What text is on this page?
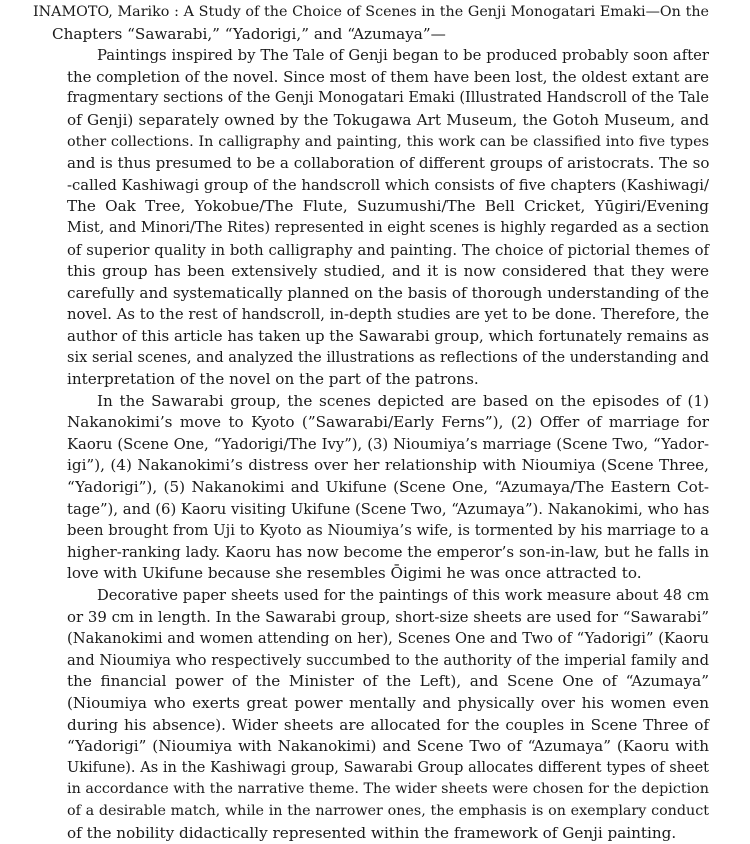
INAMOTO, Mariko : A Study of the Choice of Scenes in the Genji Monogatari Emaki—On the
Chapters “Sawarabi,” “Yadorigi,” and “Azumaya”—
Paintings inspired by The Tale of Genji began to be produced probably soon after
the completion of the novel. Since most of them have been lost, the oldest extant are
fragmentary sections of the Genji Monogatari Emaki (Illustrated Handscroll of the Tale
of Genji) separately owned by the Tokugawa Art Museum, the Gotoh Museum, and
other collections. In calligraphy and painting, this work can be classified into five types
and is thus presumed to be a collaboration of different groups of aristocrats. The so
-called Kashiwagi group of the handscroll which consists of five chapters (Kashiwagi/
The Oak Tree, Yokobue/The Flute, Suzumushi/The Bell Cricket, Yūgiri/Evening
Mist, and Minori/The Rites) represented in eight scenes is highly regarded as a section
of superior quality in both calligraphy and painting. The choice of pictorial themes of
this group has been extensively studied, and it is now considered that they were
carefully and systematically planned on the basis of thorough understanding of the
novel. As to the rest of handscroll, in-depth studies are yet to be done. Therefore, the
author of this article has taken up the Sawarabi group, which fortunately remains as
six serial scenes, and analyzed the illustrations as reflections of the understanding and
interpretation of the novel on the part of the patrons.
In the Sawarabi group, the scenes depicted are based on the episodes of (1)
Nakanokimi’s move to Kyoto (”Sawarabi/Early Ferns”), (2) Offer of marriage for
Kaoru (Scene One, “Yadorigi/The Ivy”), (3) Nioumiya’s marriage (Scene Two, “Yador-
igi”), (4) Nakanokimi’s distress over her relationship with Nioumiya (Scene Three,
“Yadorigi”), (5) Nakanokimi and Ukifune (Scene One, “Azumaya/The Eastern Cot-
tage”), and (6) Kaoru visiting Ukifune (Scene Two, “Azumaya”). Nakanokimi, who has
been brought from Uji to Kyoto as Nioumiya’s wife, is tormented by his marriage to a
higher-ranking lady. Kaoru has now become the emperor’s son-in-law, but he falls in
love with Ukifune because she resembles Ōigimi he was once attracted to.
Decorative paper sheets used for the paintings of this work measure about 48 cm
or 39 cm in length. In the Sawarabi group, short-size sheets are used for “Sawarabi”
(Nakanokimi and women attending on her), Scenes One and Two of “Yadorigi” (Kaoru
and Nioumiya who respectively succumbed to the authority of the imperial family and
the financial power of the Minister of the Left), and Scene One of “Azumaya”
(Nioumiya who exerts great power mentally and physically over his women even
during his absence). Wider sheets are allocated for the couples in Scene Three of
“Yadorigi” (Nioumiya with Nakanokimi) and Scene Two of “Azumaya” (Kaoru with
Ukifune). As in the Kashiwagi group, Sawarabi Group allocates different types of sheet
in accordance with the narrative theme. The wider sheets were chosen for the depiction
of a desirable match, while in the narrower ones, the emphasis is on exemplary conduct
of the nobility didactically represented within the framework of Genji painting.
